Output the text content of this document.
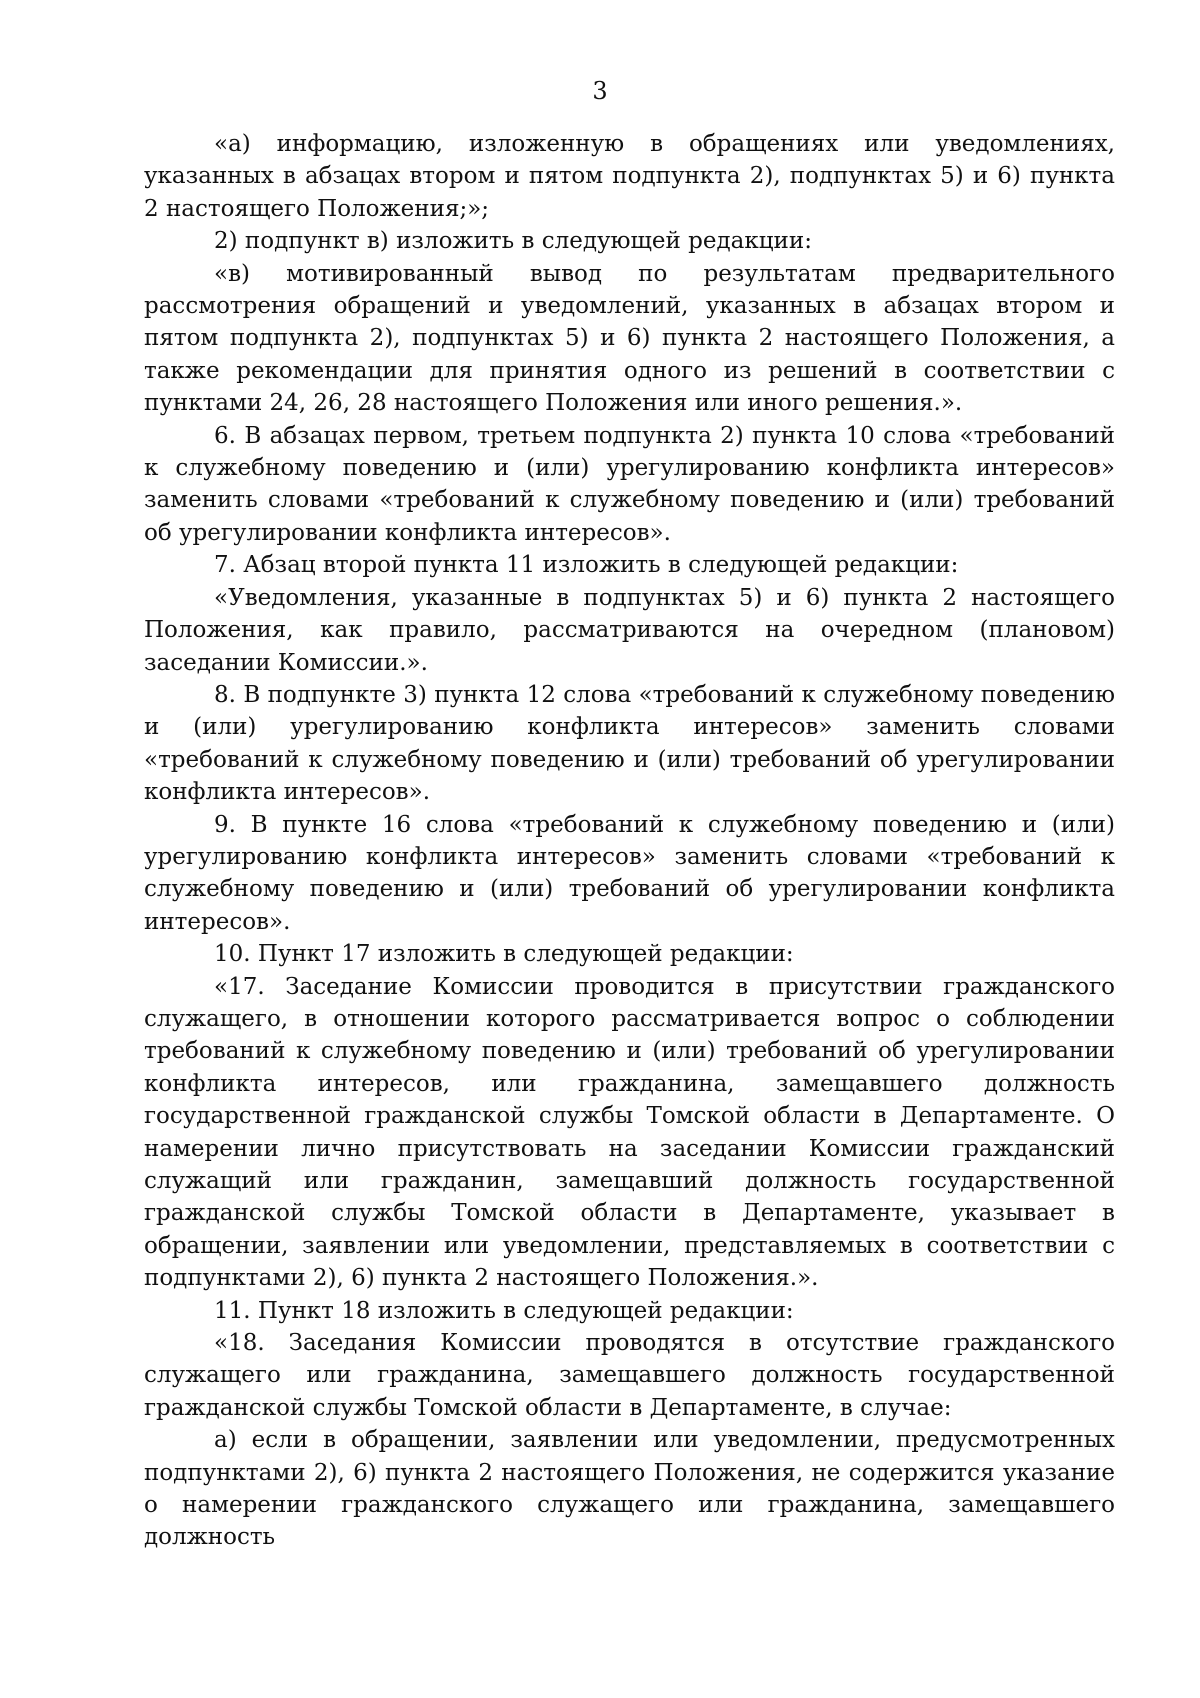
3

«а) информацию, изложенную в обращениях или уведомлениях, указанных в абзацах втором и пятом подпункта 2), подпунктах 5) и 6) пункта 2 настоящего Положения;»;

2) подпункт в) изложить в следующей редакции:

«в) мотивированный вывод по результатам предварительного рассмотрения обращений и уведомлений, указанных в абзацах втором и пятом подпункта 2), подпунктах 5) и 6) пункта 2 настоящего Положения, а также рекомендации для принятия одного из решений в соответствии с пунктами 24, 26, 28 настоящего Положения или иного решения.».

6. В абзацах первом, третьем подпункта 2) пункта 10 слова «требований к служебному поведению и (или) урегулированию конфликта интересов» заменить словами «требований к служебному поведению и (или) требований об урегулировании конфликта интересов».

7. Абзац второй пункта 11 изложить в следующей редакции:

«Уведомления, указанные в подпунктах 5) и 6) пункта 2 настоящего Положения, как правило, рассматриваются на очередном (плановом) заседании Комиссии.».

8. В подпункте 3) пункта 12 слова «требований к служебному поведению и (или) урегулированию конфликта интересов» заменить словами «требований к служебному поведению и (или) требований об урегулировании конфликта интересов».

9. В пункте 16 слова «требований к служебному поведению и (или) урегулированию конфликта интересов» заменить словами «требований к служебному поведению и (или) требований об урегулировании конфликта интересов».

10. Пункт 17 изложить в следующей редакции:

«17. Заседание Комиссии проводится в присутствии гражданского служащего, в отношении которого рассматривается вопрос о соблюдении требований к служебному поведению и (или) требований об урегулировании конфликта интересов, или гражданина, замещавшего должность государственной гражданской службы Томской области в Департаменте. О намерении лично присутствовать на заседании Комиссии гражданский служащий или гражданин, замещавший должность государственной гражданской службы Томской области в Департаменте, указывает в обращении, заявлении или уведомлении, представляемых в соответствии с подпунктами 2), 6) пункта 2 настоящего Положения.».

11. Пункт 18 изложить в следующей редакции:

«18. Заседания Комиссии проводятся в отсутствие гражданского служащего или гражданина, замещавшего должность государственной гражданской службы Томской области в Департаменте, в случае:

а) если в обращении, заявлении или уведомлении, предусмотренных подпунктами 2), 6) пункта 2 настоящего Положения, не содержится указание о намерении гражданского служащего или гражданина, замещавшего должность
